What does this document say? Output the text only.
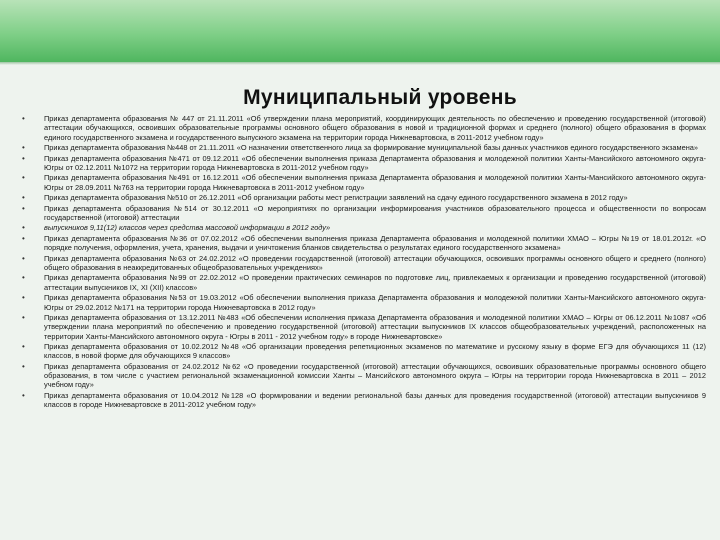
Муниципальный уровень
•	Приказ департамента образования № 447 от 21.11.2011 «Об утверждении плана мероприятий, координирующих деятельность по обеспечению и проведению государственной (итоговой) аттестации обучающихся, освоивших образовательные программы основного общего образования в новой и традиционной формах и среднего (полного) общего образования в формах единого государственного экзамена и государственного выпускного экзамена на территории города Нижневартовска, в 2011-2012 учебном году»
•	Приказ департамента образования №448 от 21.11.2011 «О назначении ответственного лица за формирование муниципальной базы данных участников единого государственного экзамена»
•	Приказ департамента образования №471 от 09.12.2011 «Об обеспечении выполнения приказа Департамента образования и молодежной политики Ханты-Мансийского автономного округа-Югры от 02.12.2011 №1072 на территории города Нижневартовска в 2011-2012 учебном году»
•	Приказ департамента образования №491 от 16.12.2011 «Об обеспечении выполнения приказа Департамента образования и молодежной политики Ханты-Мансийского автономного округа-Югры от 28.09.2011 №763 на территории города Нижневартовска в 2011-2012 учебном году»
•	Приказ департамента образования №510 от 26.12.2011 «Об организации работы мест регистрации заявлений на сдачу единого государственного экзамена в 2012 году»
•	Приказ департамента образования №514 от 30.12.2011 «О мероприятиях по организации информирования участников образовательного процесса и общественности по вопросам государственной (итоговой) аттестации
•	выпускников 9,11(12) классов через средства массовой информации в 2012 году»
•	Приказ департамента образования №36 от 07.02.2012 «Об обеспечении выполнения приказа Департамента образования и молодежной политики ХМАО – Югры №19 от 18.01.2012г. «О порядке получения, оформления, учета, хранения, выдачи и уничтожения бланков свидетельства о результатах единого государственного экзамена»
•	Приказ департамента образования №63 от 24.02.2012 «О проведении государственной (итоговой) аттестации обучающихся, освоивших программы основного общего и среднего (полного) общего образования в неаккредитованных общеобразовательных учреждениях»
•	Приказ департамента образования №99 от 22.02.2012 «О проведении практических семинаров по подготовке лиц, привлекаемых к организации и проведению государственной (итоговой) аттестации выпускников IX, XI (XII) классов»
•	Приказ департамента образования №53 от 19.03.2012 «Об обеспечении выполнения приказа Департамента образования и молодежной политики Ханты-Мансийского автономного округа-Югры от 29.02.2012 №171 на территории города Нижневартовска в 2012 году»
•	Приказ департамента образования от 13.12.2011 №483 «Об обеспечении исполнения приказа Департамента образования и молодежной политики ХМАО – Югры от 06.12.2011 №1087 «Об утверждении плана мероприятий по обеспечению и проведению государственной (итоговой) аттестации выпускников IX классов общеобразовательных учреждений, расположенных на территории Ханты-Мансийского автономного округа - Югры в 2011 - 2012 учебном году» в городе Нижневартовске»
•	Приказ департамента образования от 10.02.2012 №48 «Об организации проведения репетиционных экзаменов по математике и русскому языку в форме ЕГЭ для обучающихся 11 (12) классов, в новой форме для обучающихся 9 классов»
•	Приказ департамента образования от 24.02.2012 №62 «О проведении государственной (итоговой) аттестации обучающихся, освоивших образовательные программы основного общего образования, в том числе с участием региональной экзаменационной комиссии Ханты – Мансийского автономного округа – Югры на территории города Нижневартовска в 2011 – 2012 учебном году»
•	Приказ департамента образования от 10.04.2012 №128 «О формировании и ведении региональной базы данных для проведения государственной (итоговой) аттестации выпускников 9 классов в городе Нижневартовске в 2011-2012 учебном году»
